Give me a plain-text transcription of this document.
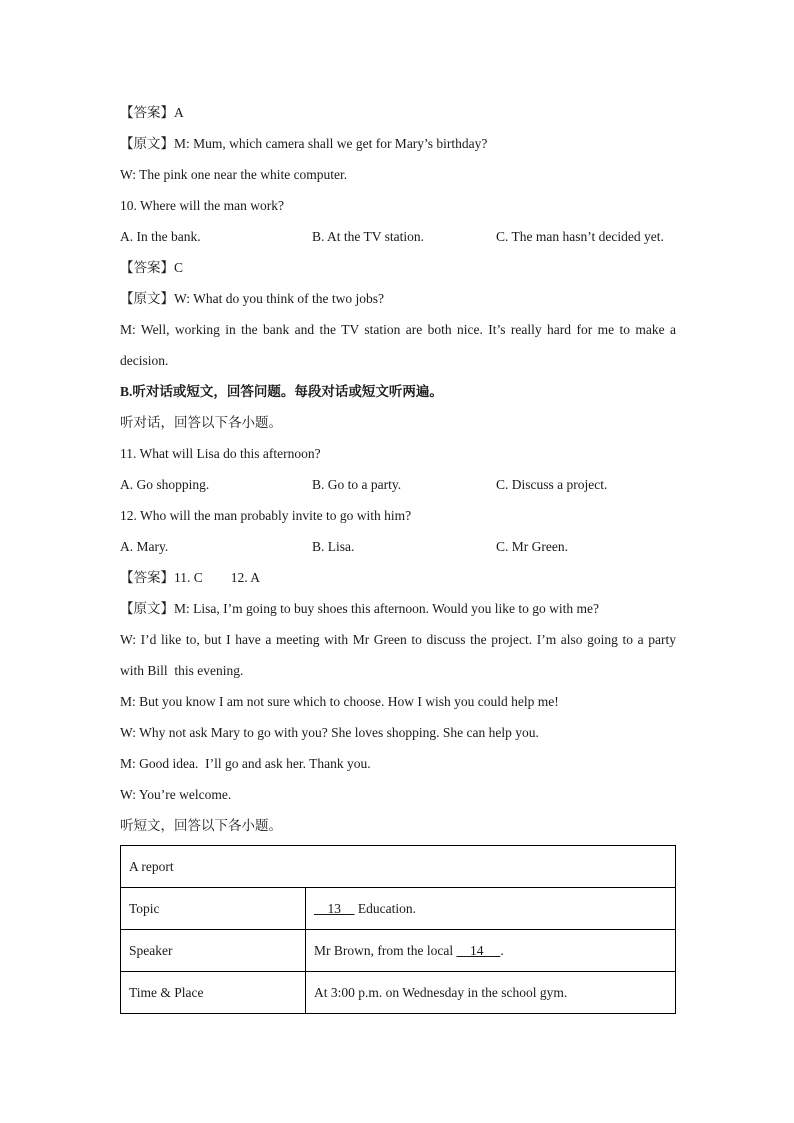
【答案】A
【原文】M: Mum, which camera shall we get for Mary’s birthday?
W: The pink one near the white computer.
10. Where will the man work?
A. In the bank.	B. At the TV station.	C. The man hasn’t decided yet.
【答案】C
【原文】W: What do you think of the two jobs?
M: Well, working in the bank and the TV station are both nice. It’s really hard for me to make a
decision.
B.听对话或短文，回答问题。每段对话或短文听两遍。
听对话，回答以下各小题。
11. What will Lisa do this afternoon?
A. Go shopping.	B. Go to a party.	C. Discuss a project.
12. Who will the man probably invite to go with him?
A. Mary.	B. Lisa.	C. Mr Green.
【答案】11. C 12. A
【原文】M: Lisa, I’m going to buy shoes this afternoon. Would you like to go with me?
W: I’d like to, but I have a meeting with Mr Green to discuss the project. I’m also going to a party
with Bill  this evening.
M: But you know I am not sure which to choose. How I wish you could help me!
W: Why not ask Mary to go with you? She loves shopping. She can help you.
M: Good idea.  I’ll go and ask her. Thank you.
W: You’re welcome.
听短文，回答以下各小题。
A report	
Topic	13     Education.
Speaker	Mr Brown, from the local     14     .
Time & Place	At 3:00 p.m. on Wednesday in the school gym.
